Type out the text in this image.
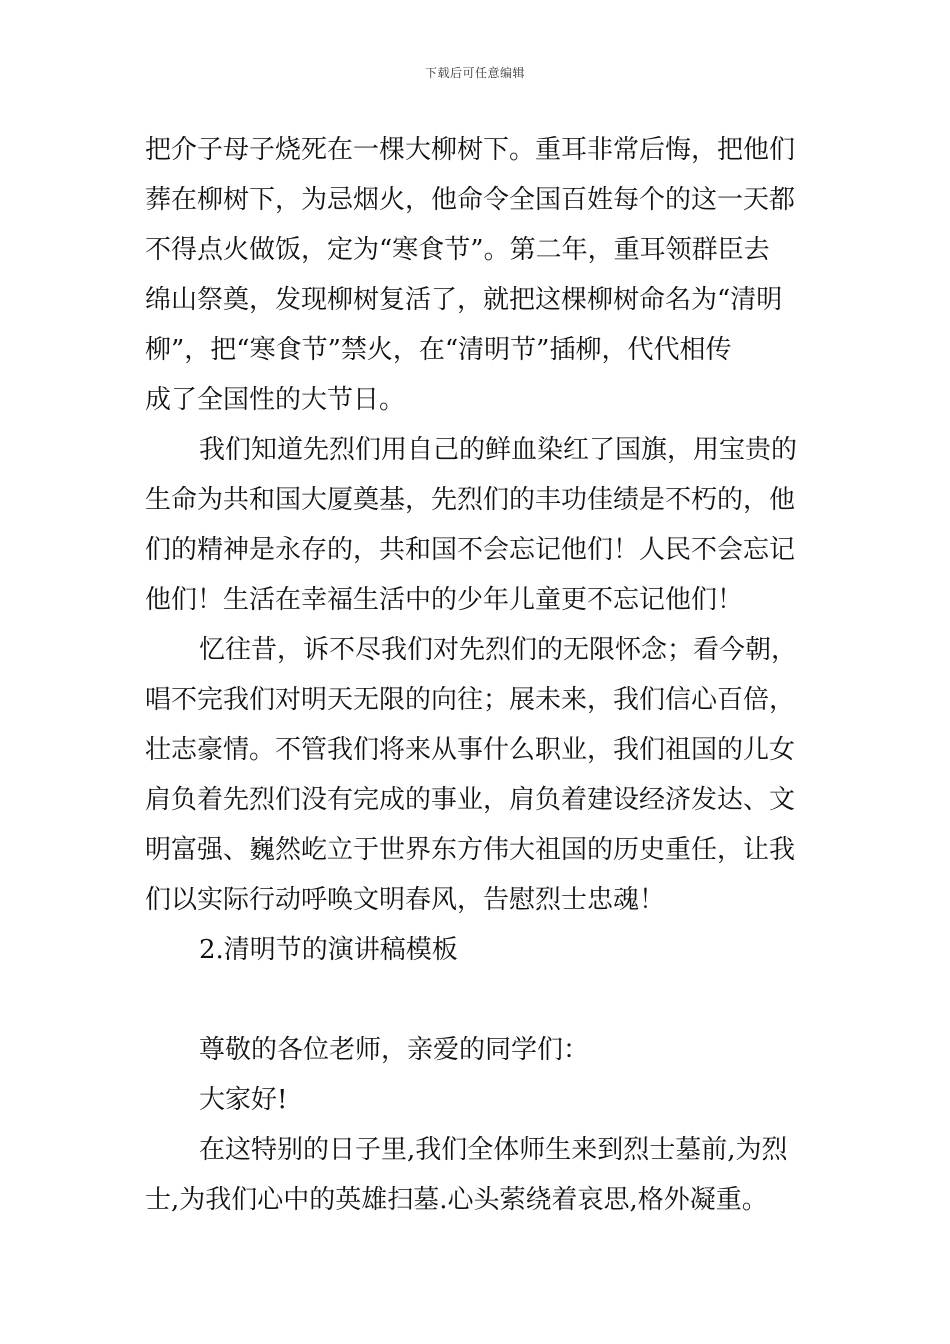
下载后可任意编辑
把介子母子烧死在一棵大柳树下。重耳非常后悔，把他们
葬在柳树下，为忌烟火，他命令全国百姓每个的这一天都
不得点火做饭，定为“寒食节”。第二年，重耳领群臣去
绵山祭奠，发现柳树复活了，就把这棵柳树命名为“清明
柳”，把“寒食节”禁火，在“清明节”插柳，代代相传
成了全国性的大节日。
我们知道先烈们用自己的鲜血染红了国旗，用宝贵的
生命为共和国大厦奠基，先烈们的丰功佳绩是不朽的，他
们的精神是永存的，共和国不会忘记他们！人民不会忘记
他们！生活在幸福生活中的少年儿童更不忘记他们！
忆往昔，诉不尽我们对先烈们的无限怀念；看今朝，
唱不完我们对明天无限的向往；展未来，我们信心百倍，
壮志豪情。不管我们将来从事什么职业，我们祖国的儿女
肩负着先烈们没有完成的事业，肩负着建设经济发达、文
明富强、巍然屹立于世界东方伟大祖国的历史重任，让我
们以实际行动呼唤文明春风，告慰烈士忠魂！
2.清明节的演讲稿模板
尊敬的各位老师，亲爱的同学们：
大家好!
在这特别的日子里,我们全体师生来到烈士墓前,为烈
士,为我们心中的英雄扫墓.心头萦绕着哀思,格外凝重。
